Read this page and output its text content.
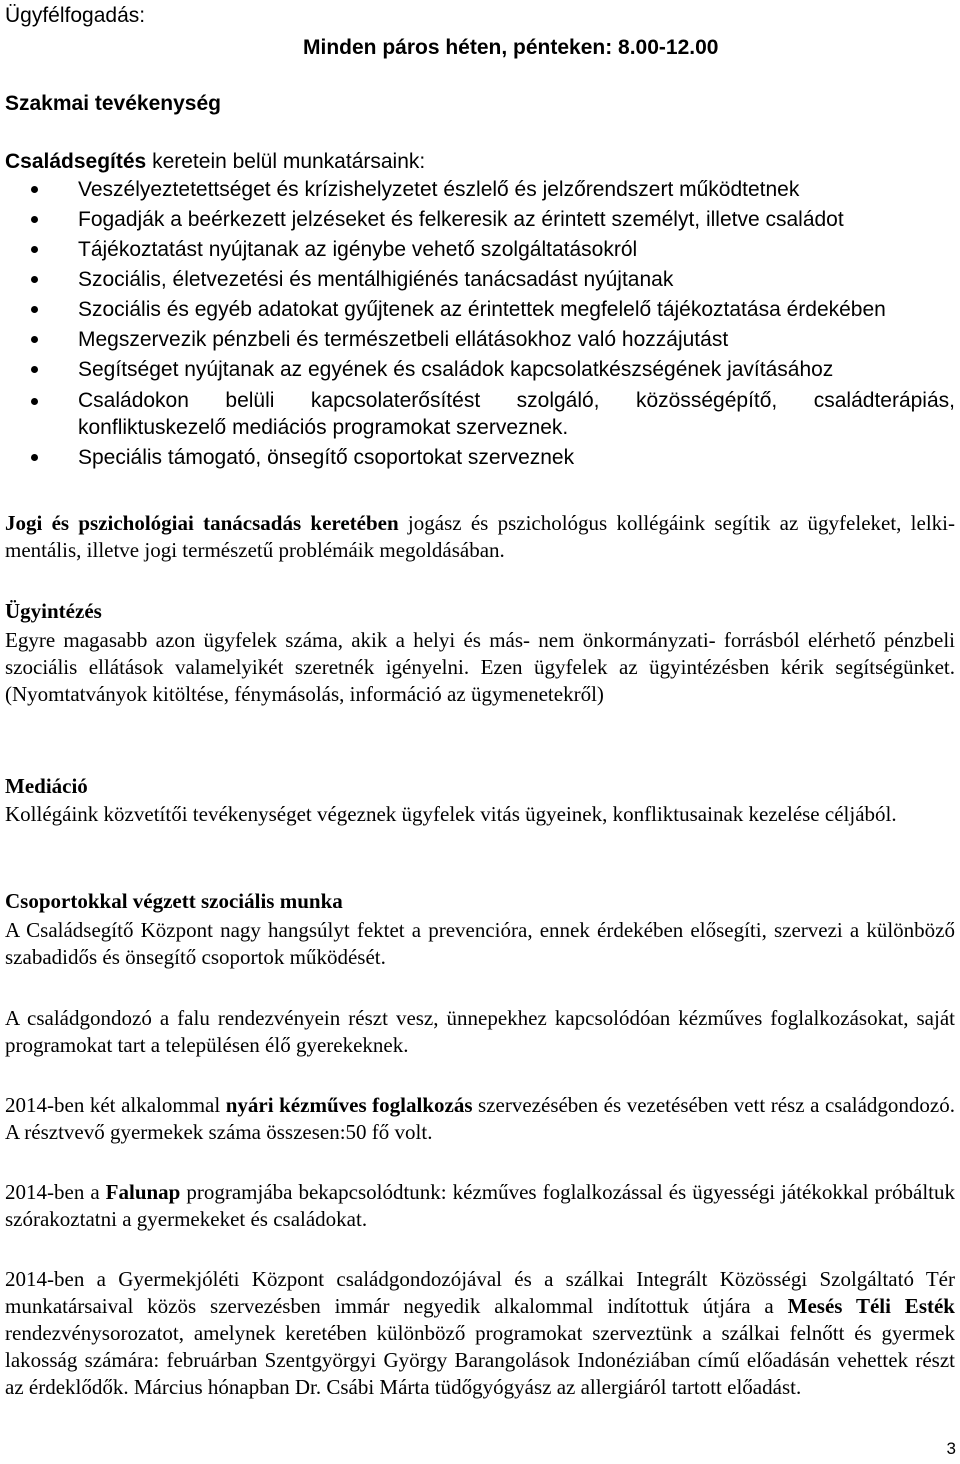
Ügyfélfogadás:
Minden páros héten, pénteken: 8.00-12.00
Szakmai tevékenység
Családsegítés keretein belül munkatársaink:
Veszélyeztetettséget és krízishelyzetet észlelő és jelzőrendszert működtetnek
Fogadják a beérkezett jelzéseket és felkeresik az érintett személyt, illetve családot
Tájékoztatást nyújtanak az igénybe vehető szolgáltatásokról
Szociális, életvezetési és mentálhigiénés tanácsadást nyújtanak
Szociális és egyéb adatokat gyűjtenek az érintettek megfelelő tájékoztatása érdekében
Megszervezik pénzbeli és természetbeli ellátásokhoz való hozzájutást
Segítséget nyújtanak az egyének és családok kapcsolatkészségének javításához
Családokon belüli kapcsolaterősítést szolgáló, közösségépítő, családterápiás, konfliktuskezelő mediációs programokat szerveznek.
Speciális támogató, önsegítő csoportokat szerveznek
Jogi és pszichológiai tanácsadás keretében jogász és pszichológus kollégáink segítik az ügyfeleket, lelki-mentális, illetve jogi természetű problémáik megoldásában.
Ügyintézés
Egyre magasabb azon ügyfelek száma, akik a helyi és más- nem önkormányzati- forrásból elérhető pénzbeli szociális ellátások valamelyikét szeretnék igényelni. Ezen ügyfelek az ügyintézésben kérik segítségünket. (Nyomtatványok kitöltése, fénymásolás, információ az ügymenetekről)
Mediáció
Kollégáink közvetítői tevékenységet végeznek ügyfelek vitás ügyeinek, konfliktusainak kezelése céljából.
Csoportokkal végzett szociális munka
A Családsegítő Központ nagy hangsúlyt fektet a prevencióra, ennek érdekében elősegíti, szervezi a különböző szabadidős és önsegítő csoportok működését.
A családgondozó a falu rendezvényein részt vesz, ünnepekhez kapcsolódóan kézműves foglalkozásokat, saját programokat tart a településen élő gyerekeknek.
2014-ben két alkalommal nyári kézműves foglalkozás szervezésében és vezetésében vett rész a családgondozó. A résztvevő gyermekek száma összesen:50 fő volt.
2014-ben a Falunap programjába bekapcsolódtunk: kézműves foglalkozással és ügyességi játékokkal próbáltuk szórakoztatni a gyermekeket és családokat.
2014-ben a Gyermekjóléti Központ családgondozójával és a szálkai Integrált Közösségi Szolgáltató Tér munkatársaival közös szervezésben immár negyedik alkalommal indítottuk útjára a Mesés Téli Esték rendezvénysorozatot, amelynek keretében különböző programokat szerveztünk a szálkai felnőtt és gyermek lakosság számára: februárban Szentgyörgyi György Barangolások Indonéziában című előadásán vehettek részt az érdeklődők. Március hónapban Dr. Csábi Márta tüdőgyógyász az allergiáról tartott előadást.
3
